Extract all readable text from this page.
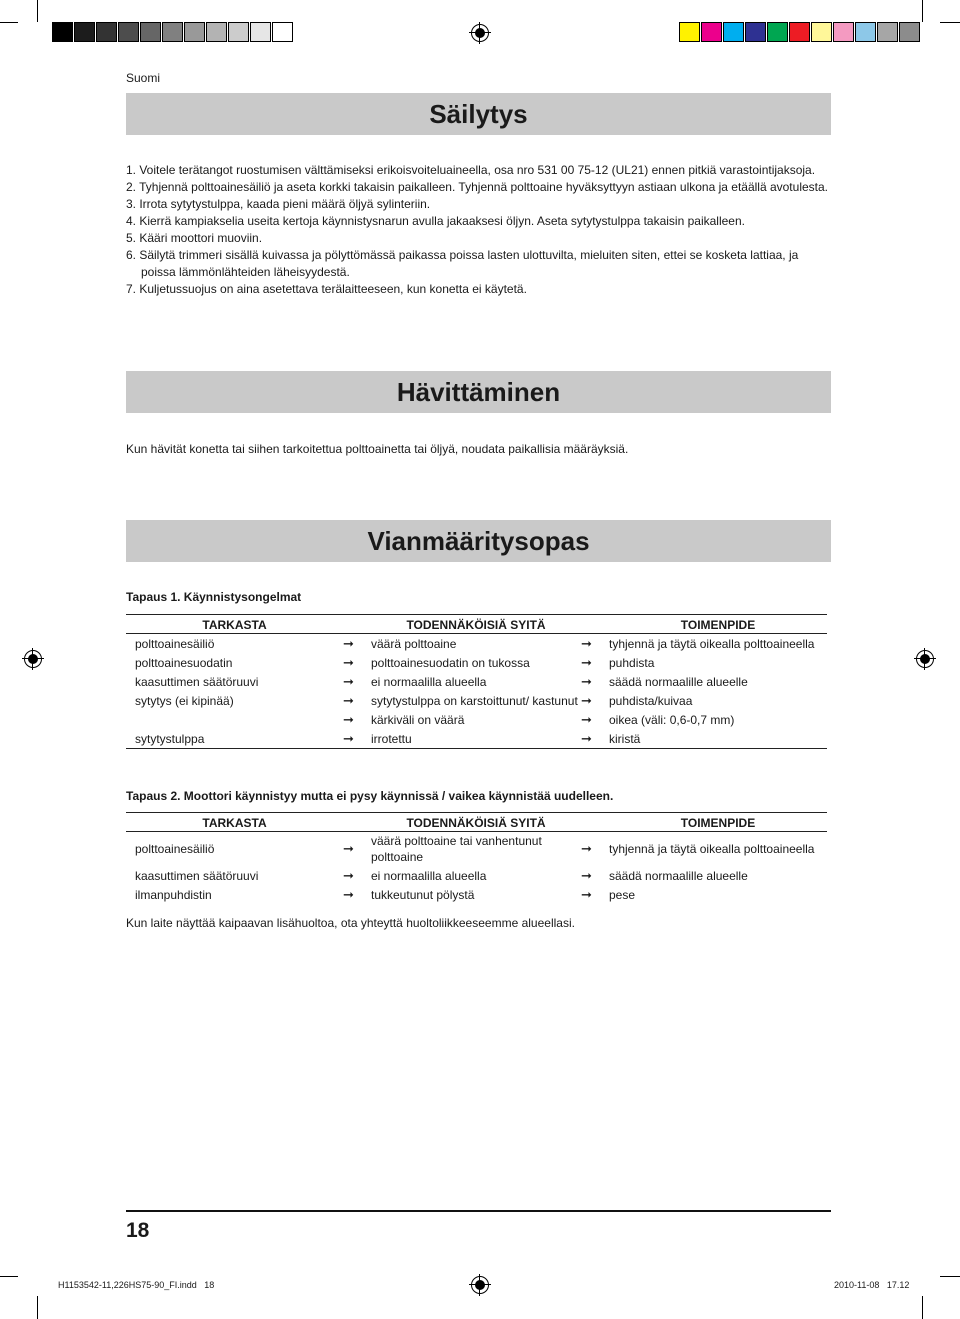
Suomi
Säilytys
1. Voitele terätangot ruostumisen välttämiseksi erikoisvoiteluaineella, osa nro 531 00 75-12 (UL21) ennen pitkiä varastointijaksoja.
2. Tyhjennä polttoainesäiliö ja aseta korkki takaisin paikalleen. Tyhjennä polttoaine hyväksyttyyn astiaan ulkona ja etäällä avotulesta.
3. Irrota sytytystulppa, kaada pieni määrä öljyä sylinteriin.
4. Kierrä kampiakselia useita kertoja käynnistysnarun avulla jakaaksesi öljyn. Aseta sytytystulppa takaisin paikalleen.
5. Kääri moottori muoviin.
6. Säilytä trimmeri sisällä kuivassa ja pölyttömässä paikassa poissa lasten ulottuvilta, mieluiten siten, ettei se kosketa lattiaa, ja poissa lämmönlähteiden läheisyydestä.
7. Kuljetussuojus on aina asetettava terälaitteeseen, kun konetta ei käytetä.
Hävittäminen
Kun hävität konetta tai siihen tarkoitettua polttoainetta tai öljyä, noudata paikallisia määräyksiä.
Vianmääritysopas
Tapaus 1. Käynnistysongelmat
TARKASTA		TODENNÄKÖISIÄ SYITÄ		TOIMENPIDE
polttoainesäiliö	➞	väärä polttoaine	➞	tyhjennä ja täytä oikealla polttoaineella
polttoainesuodatin	➞	polttoainesuodatin on tukossa	➞	puhdista
kaasuttimen säätöruuvi	➞	ei normaalilla alueella	➞	säädä normaalille alueelle
sytytys (ei kipinää)	➞	sytytystulppa on karstoittunut/ kastunut	➞	puhdista/kuivaa
	➞	kärkiväli on väärä	➞	oikea (väli: 0,6-0,7 mm)
sytytystulppa	➞	irrotettu	➞	kiristä
Tapaus 2. Moottori käynnistyy mutta ei pysy käynnissä / vaikea käynnistää uudelleen.
TARKASTA		TODENNÄKÖISIÄ SYITÄ		TOIMENPIDE
polttoainesäiliö	➞	väärä polttoaine tai vanhentunut polttoaine	➞	tyhjennä ja täytä oikealla polttoaineella
kaasuttimen säätöruuvi	➞	ei normaalilla alueella	➞	säädä normaalille alueelle
ilmanpuhdistin	➞	tukkeutunut pölystä	➞	pese
Kun laite näyttää kaipaavan lisähuoltoa, ota yhteyttä huoltoliikkeeseemme alueellasi.
18
H1153542-11,226HS75-90_FI.indd   18	2010-11-08   17.12
